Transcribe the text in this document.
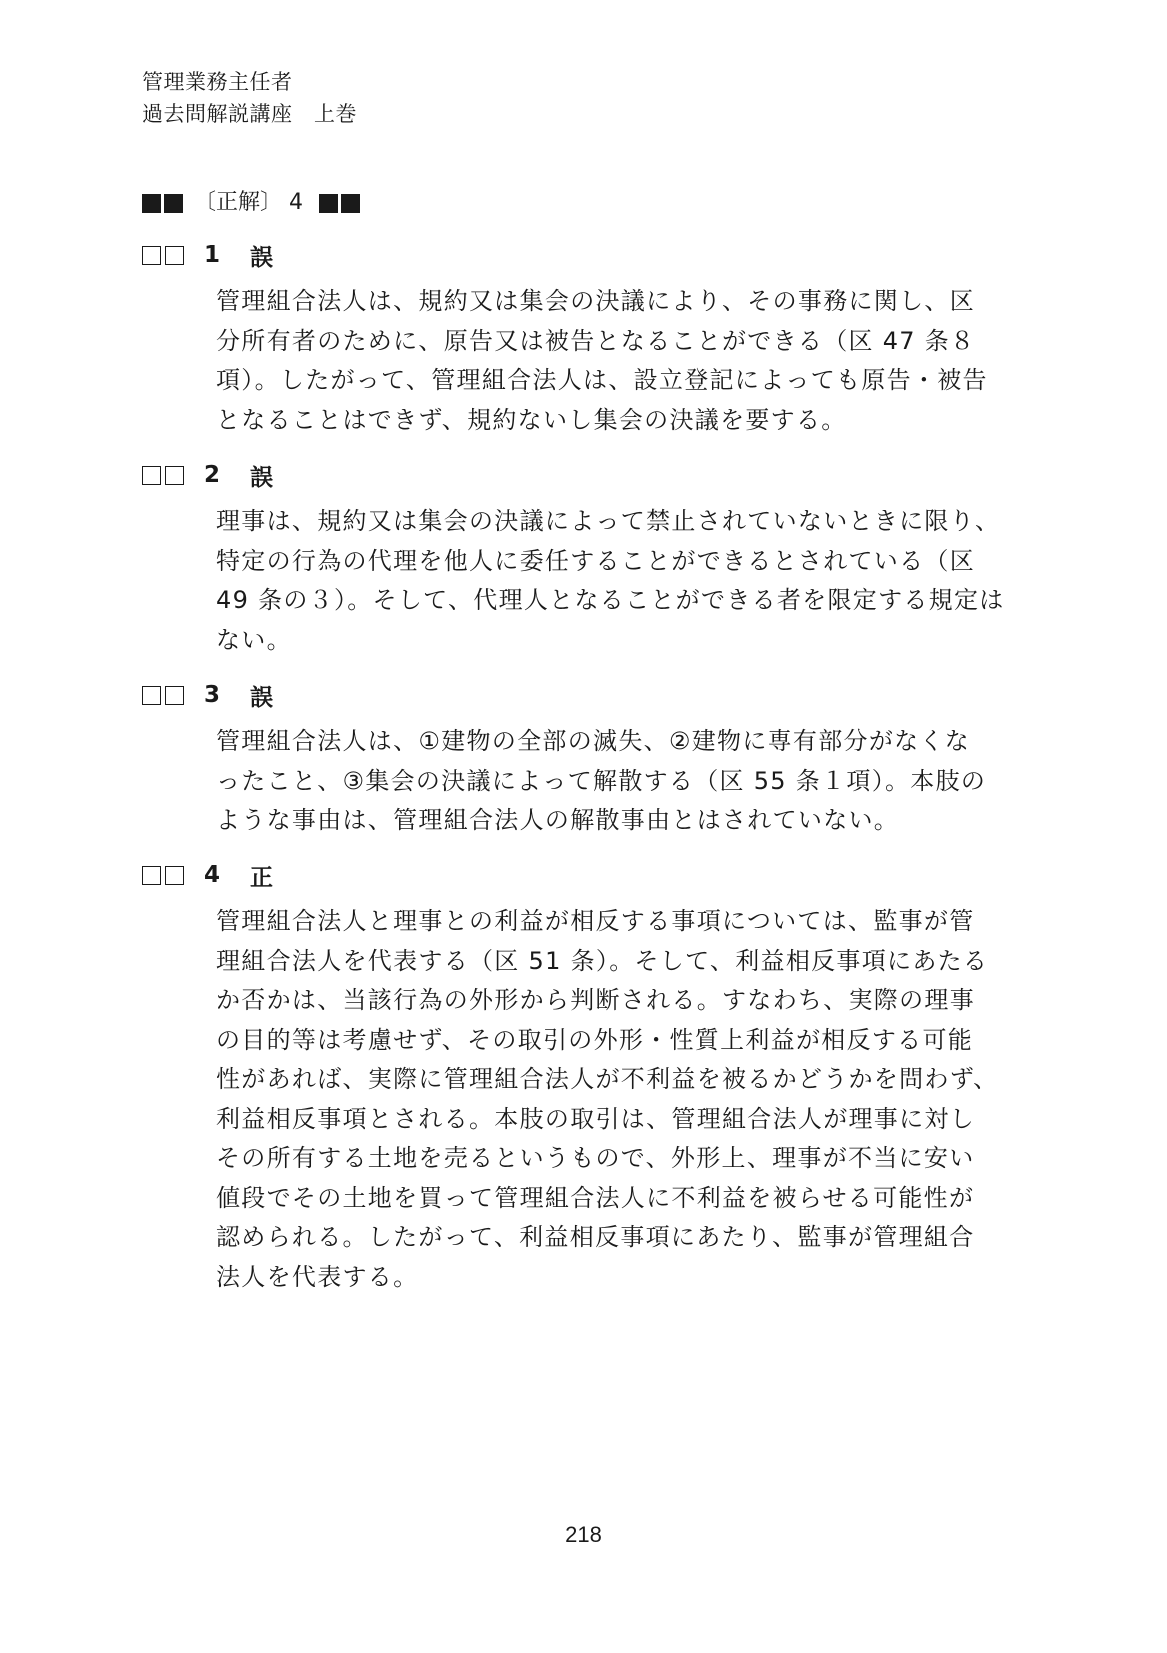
管理業務主任者
過去問解説講座　上巻
〔正解〕 4
1	誤
管理組合法人は、規約又は集会の決議により、その事務に関し、区
分所有者のために、原告又は被告となることができる（区 47 条８
項）。したがって、管理組合法人は、設立登記によっても原告・被告
となることはできず、規約ないし集会の決議を要する。
2	誤
理事は、規約又は集会の決議によって禁止されていないときに限り、
特定の行為の代理を他人に委任することができるとされている（区
49 条の３）。そして、代理人となることができる者を限定する規定は
ない。
3	誤
管理組合法人は、①建物の全部の滅失、②建物に専有部分がなくな
ったこと、③集会の決議によって解散する（区 55 条１項）。本肢の
ような事由は、管理組合法人の解散事由とはされていない。
4	正
管理組合法人と理事との利益が相反する事項については、監事が管
理組合法人を代表する（区 51 条）。そして、利益相反事項にあたる
か否かは、当該行為の外形から判断される。すなわち、実際の理事
の目的等は考慮せず、その取引の外形・性質上利益が相反する可能
性があれば、実際に管理組合法人が不利益を被るかどうかを問わず、
利益相反事項とされる。本肢の取引は、管理組合法人が理事に対し
その所有する土地を売るというもので、外形上、理事が不当に安い
値段でその土地を買って管理組合法人に不利益を被らせる可能性が
認められる。したがって、利益相反事項にあたり、監事が管理組合
法人を代表する。
218
